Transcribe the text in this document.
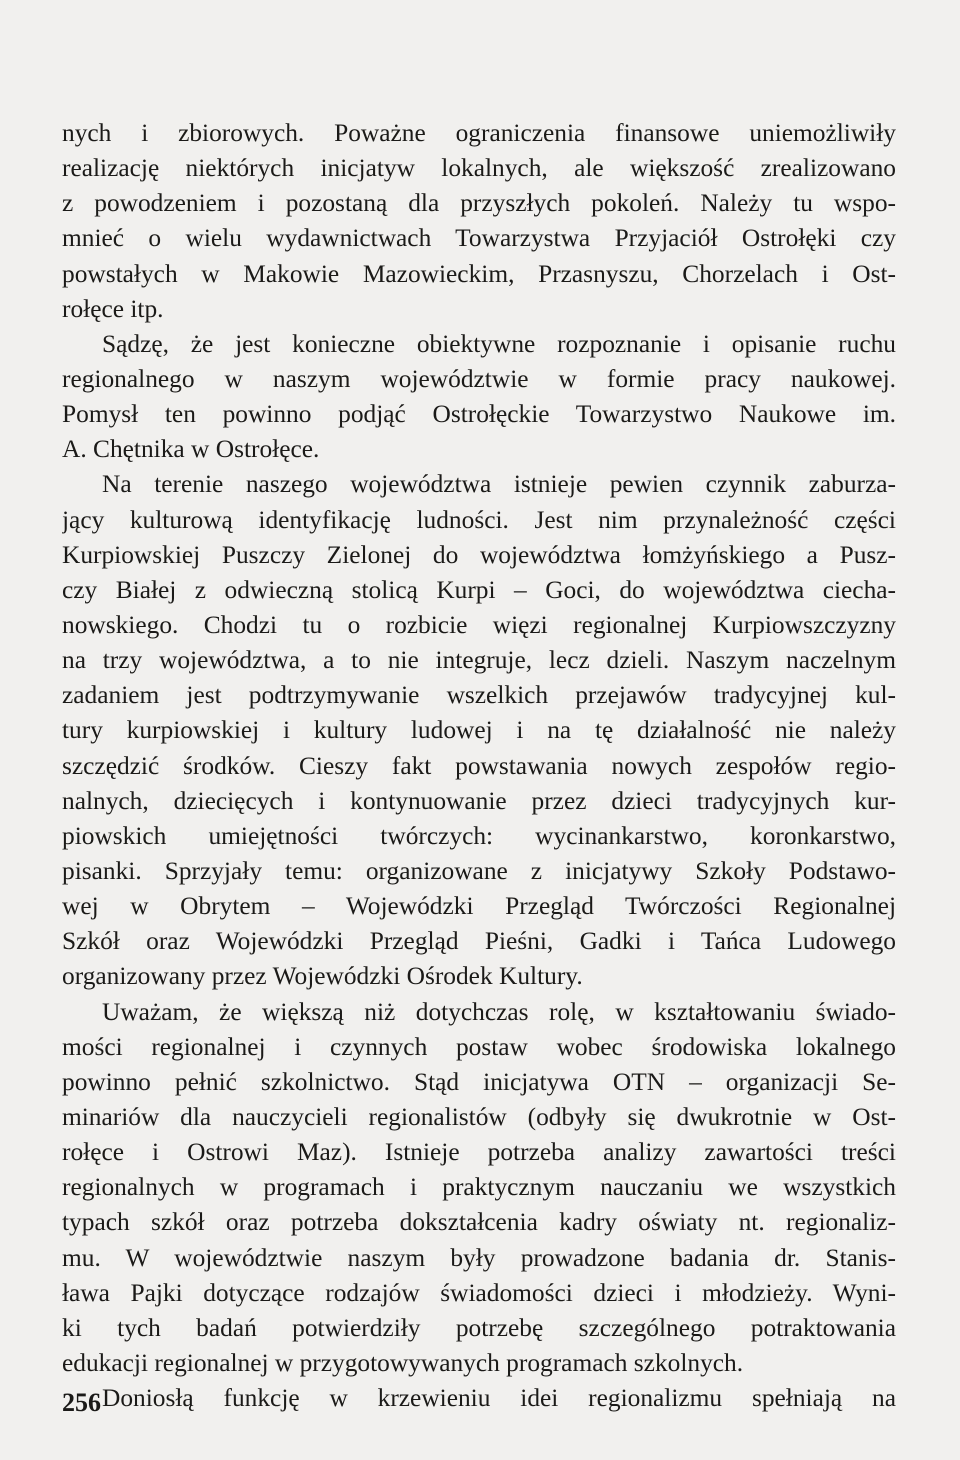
nych i zbiorowych. Poważne ograniczenia finansowe uniemożliwiły
realizację niektórych inicjatyw lokalnych, ale większość zrealizowano
z powodzeniem i pozostaną dla przyszłych pokoleń. Należy tu wspo-
mnieć o wielu wydawnictwach Towarzystwa Przyjaciół Ostrołęki czy
powstałych w Makowie Mazowieckim, Przasnyszu, Chorzelach i Ost-
rołęce itp.

Sądzę, że jest konieczne obiektywne rozpoznanie i opisanie ruchu
regionalnego w naszym województwie w formie pracy naukowej.
Pomysł ten powinno podjąć Ostrołęckie Towarzystwo Naukowe im.
A. Chętnika w Ostrołęce.

Na terenie naszego województwa istnieje pewien czynnik zaburza-
jący kulturową identyfikację ludności. Jest nim przynależność części
Kurpiowskiej Puszczy Zielonej do województwa łomżyńskiego a Pusz-
czy Białej z odwieczną stolicą Kurpi – Goci, do województwa ciecha-
nowskiego. Chodzi tu o rozbicie więzi regionalnej Kurpiowszczyzny
na trzy województwa, a to nie integruje, lecz dzieli. Naszym naczelnym
zadaniem jest podtrzymywanie wszelkich przejawów tradycyjnej kul-
tury kurpiowskiej i kultury ludowej i na tę działalność nie należy
szczędzić środków. Cieszy fakt powstawania nowych zespołów regio-
nalnych, dziecięcych i kontynuowanie przez dzieci tradycyjnych kur-
piowskich umiejętności twórczych: wycinankarstwo, koronkarstwo,
pisanki. Sprzyjały temu: organizowane z inicjatywy Szkoły Podstawo-
wej w Obrytem – Wojewódzki Przegląd Twórczości Regionalnej
Szkół oraz Wojewódzki Przegląd Pieśni, Gadki i Tańca Ludowego
organizowany przez Wojewódzki Ośrodek Kultury.

Uważam, że większą niż dotychczas rolę, w kształtowaniu świado-
mości regionalnej i czynnych postaw wobec środowiska lokalnego
powinno pełnić szkolnictwo. Stąd inicjatywa OTN – organizacji Se-
minariów dla nauczycieli regionalistów (odbyły się dwukrotnie w Ost-
rołęce i Ostrowi Maz). Istnieje potrzeba analizy zawartości treści
regionalnych w programach i praktycznym nauczaniu we wszystkich
typach szkół oraz potrzeba dokształcenia kadry oświaty nt. regionaliz-
mu. W województwie naszym były prowadzone badania dr. Stanis-
ława Pajki dotyczące rodzajów świadomości dzieci i młodzieży. Wyni-
ki tych badań potwierdziły potrzebę szczególnego potraktowania
edukacji regionalnej w przygotowywanych programach szkolnych.

Doniosłą funkcję w krzewieniu idei regionalizmu spełniają na

256
